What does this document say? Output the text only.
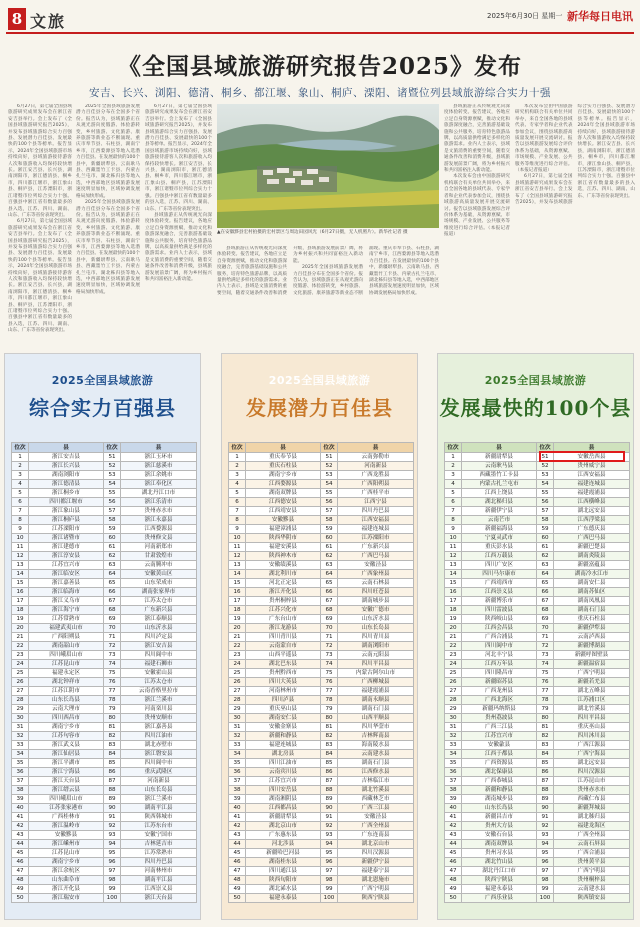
8 文旅	2025年6月30日 星期一 新华每日电讯
《全国县域旅游研究报告2025》发布
安吉、长兴、浏阳、德清、桐乡、都江堰、象山、桐庐、溧阳、诸暨位列县域旅游综合实力十强

6月27日，第七届全国县域旅游研究成果发布会在浙江省安吉县举行。会上发布了《全国县域旅游研究报告2025》，并发布县域旅游综合实力百强县、发展潜力百佳县、发展最快的100个县等榜单。报告显示，2024年全国县域旅游市场持续向好，县域旅游接待游客人次和旅游收入均保持较快增长。浙江安吉县、长兴县，湖南浏阳市，浙江德清县、桐乡市，四川都江堰市，浙江象山县、桐庐县，江苏溧阳市，浙江诸暨市位列综合实力十强。百强县中浙江省有数量最多的县入选，江苏、四川、湖南、山东、广东等省份表现突出。

6月27日，第七届全国县域旅游研究成果发布会在浙江省安吉县举行。会上发布了《全国县域旅游研究报告2025》，并发布县域旅游综合实力百强县、发展潜力百佳县、发展最快的100个县等榜单。报告显示，2024年全国县域旅游市场持续向好，县域旅游接待游客人次和旅游收入均保持较快增长。浙江安吉县、长兴县，湖南浏阳市，浙江德清县、桐乡市，四川都江堰市，浙江象山县、桐庐县，江苏溧阳市，浙江诸暨市位列综合实力十强。百强县中浙江省有数量最多的县入选，江苏、四川、湖南、山东、广东等省份表现突出。

2025年全国县域旅游发展潜力百佳县分布在全国多个省份。报告认为，县域旅游正在从观光游向度假游、体验游转变，乡村旅游、文化旅游、康养旅游等新业态不断涌现。重庆市奉节县、石柱县，湖南宁乡市，江西婺源县等地入选潜力百佳县。在发展最快的100个县中，新疆尉犁县、云南耿马县、西藏墨竹工卡县、内蒙古扎兰屯市、湖北秭归县等地入选，中西部地区县域旅游发展速度明显加快，区域协调发展格局加快形成。

2025年全国县域旅游发展潜力百佳县分布在全国多个省份。报告认为，县域旅游正在从观光游向度假游、体验游转变，乡村旅游、文化旅游、康养旅游等新业态不断涌现。重庆市奉节县、石柱县，湖南宁乡市，江西婺源县等地入选潜力百佳县。在发展最快的100个县中，新疆尉犁县、云南耿马县、西藏墨竹工卡县、内蒙古扎兰屯市、湖北秭归县等地入选，中西部地区县域旅游发展速度明显加快，区域协调发展格局加快形成。

6月27日，第七届全国县域旅游研究成果发布会在浙江省安吉县举行。会上发布了《全国县域旅游研究报告2025》，并发布县域旅游综合实力百强县、发展潜力百佳县、发展最快的100个县等榜单。报告显示，2024年全国县域旅游市场持续向好，县域旅游接待游客人次和旅游收入均保持较快增长。浙江安吉县、长兴县，湖南浏阳市，浙江德清县、桐乡市，四川都江堰市，浙江象山县、桐庐县，江苏溧阳市，浙江诸暨市位列综合实力十强。百强县中浙江省有数量最多的县入选，江苏、四川、湖南、山东、广东等省份表现突出。

县域旅游正从传统观光向深度体验转变。报告建议，各地应立足自身资源禀赋，推动文化和旅游深度融合，完善旅游基础设施和公共服务，培育特色旅游品牌，以高质量供给满足多样化的旅游需求。业内人士表示，县域是文旅消费的重要空间，随着交通条件改善和消费升级，县域旅游发展前景广阔，将为乡村振兴和共同富裕注入新动能。

县域旅游正从传统观光向深度体验转变。报告建议，各地应立足自身资源禀赋，推动文化和旅游深度融合，完善旅游基础设施和公共服务，培育特色旅游品牌，以高质量供给满足多样化的旅游需求。业内人士表示，县域是文旅消费的重要空间，随着交通条件改善和消费升级，县域旅游发展前景广阔，将为乡村振兴和共同富裕注入新动能。

2025年全国县域旅游发展潜力百佳县分布在全国多个省份。报告认为，县域旅游正在从观光游向度假游、体验游转变，乡村旅游、文化旅游、康养旅游等新业态不断涌现。重庆市奉节县、石柱县，湖南宁乡市，江西婺源县等地入选潜力百佳县。在发展最快的100个县中，新疆尉犁县、云南耿马县、西藏墨竹工卡县、内蒙古扎兰屯市、湖北秭归县等地入选，中西部地区县域旅游发展速度明显加快，区域协调发展格局加快形成。

县域旅游正从传统观光向深度体验转变。报告建议，各地应立足自身资源禀赋，推动文化和旅游深度融合，完善旅游基础设施和公共服务，培育特色旅游品牌，以高质量供给满足多样化的旅游需求。业内人士表示，县域是文旅消费的重要空间，随着交通条件改善和消费升级，县域旅游发展前景广阔，将为乡村振兴和共同富裕注入新动能。

本次发布会由中国旅游研究机构联合有关单位共同举办，来自全国各地的县域代表、专家学者和企业代表参加会议，围绕县域旅游高质量发展开展交流研讨。报告以县域旅游发展综合评价体系为基础，从资源禀赋、市场规模、产业发展、公共服务等维度进行综合评估。（本报记者报道）

本次发布会由中国旅游研究机构联合有关单位共同举办，来自全国各地的县域代表、专家学者和企业代表参加会议，围绕县域旅游高质量发展开展交流研讨。报告以县域旅游发展综合评价体系为基础，从资源禀赋、市场规模、产业发展、公共服务等维度进行综合评估。（本报记者报道）

6月27日，第七届全国县域旅游研究成果发布会在浙江省安吉县举行。会上发布了《全国县域旅游研究报告2025》，并发布县域旅游综合实力百强县、发展潜力百佳县、发展最快的100个县等榜单。报告显示，2024年全国县域旅游市场持续向好，县域旅游接待游客人次和旅游收入均保持较快增长。浙江安吉县、长兴县，湖南浏阳市，浙江德清县、桐乡市，四川都江堰市，浙江象山县、桐庐县，江苏溧阳市，浙江诸暨市位列综合实力十强。百强县中浙江省有数量最多的县入选，江苏、四川、湖南、山东、广东等省份表现突出。

▲在安徽黟县宏村拍摄的宏村景区与周边田园风光（6月27日摄，无人机照片）。新华社记者 摄
2025全国县域旅游
综合实力百强县
位次	县	位次	县
1	浙江安吉县	51	浙江玉环市
2	浙江长兴县	52	浙江慈溪市
3	湖南浏阳市	53	浙江余姚市
4	浙江德清县	54	浙江奉化区
5	浙江桐乡市	55	湖北丹江口市
6	四川都江堰市	56	浙江乐清市
7	浙江象山县	57	贵州赤水市
8	浙江桐庐县	58	浙江永嘉县
9	江苏溧阳市	59	江西婺源县
10	浙江诸暨市	60	贵州修文县
11	浙江建德市	61	河南新郑市
12	浙江淳安县	62	甘肃敦煌市
13	江苏宜兴市	63	云南腾冲市
14	浙江临安区	64	安徽黄山区
15	浙江嘉善县	65	山东荣成市
16	浙江临海市	66	湖南张家界市
17	浙江义乌市	67	江苏太仓市
18	浙江海宁市	68	广东新兴县
19	江苏常熟市	69	浙江泰顺县
20	福建武夷山市	70	山东沂水县
21	广西阳朔县	71	四川泸定县
22	湖南韶山市	72	浙江安吉县
23	四川峨眉山市	73	四川阆中市
24	江苏昆山市	74	福建石狮市
25	福建永定区	75	安徽霍山县
26	湖北钟祥市	76	江苏太仓市
27	江苏江阴市	77	云南香格里拉市
28	山东长岛县	78	浙江兰溪市
29	云南大理市	79	河南栾川县
30	四川西昌市	80	贵州安顺市
31	湖南宁乡市	81	浙江嘉善县
32	江苏句容市	82	四川江油市
33	浙江武义县	83	湖北赤壁市
34	浙江仙居县	84	浙江磐安县
35	浙江平湖市	85	四川阆中市
36	浙江宁海县	86	重庆武隆区
37	浙江天台县	87	河南新县
38	浙江缙云县	88	山东长岛县
39	四川峨眉山市	89	浙江兰溪市
40	江苏张家港市	90	湖南平江县
41	广西桂林市	91	陕西韩城市
42	浙江温岭市	92	江苏东台市
43	安徽黟县	93	安徽宁国市
44	浙江嵊州市	94	吉林延吉市
45	江苏昆山市	95	江苏常熟市
46	湖南宁乡市	96	四川丹巴县
47	浙江余杭区	97	河南林州市
48	山东曲阜市	98	湖南平江县
49	浙江开化县	99	江西崇义县
50	浙江瑞安市	100	浙江天台县
2025全国县域旅游
发展潜力百佳县
位次	县	位次	县
1	重庆奉节县	51	云南弥勒市
2	重庆石柱县	52	河南新县
3	湖南宁乡市	53	广西龙胜县
4	江西婺源县	54	广西阳朔县
5	湖南双牌县	55	广西桂平市
6	江西德安县	56	江西宁县
7	江西靖安县	57	四川丹巴县
8	安徽黟县	58	江西安福县
9	福建漳浦县	59	福建连城县
10	陕西华阴市	60	江苏溧阳市
11	福建安溪县	61	广东新兴县
12	陕西神木市	62	广西巴马县
13	安徽绩溪县	63	安徽泾县
14	湖北利川市	64	广西象州县
15	河北正定县	65	云南石林县
16	浙江开化县	66	四川旺苍县
17	贵州桐梓县	67	湖南城步县
18	江苏兴化市	68	安徽广德市
19	广东台山市	69	山东沂水县
20	浙江龙游县	70	山东长岛县
21	四川青川县	71	四川青川县
22	云南蒙自市	72	湖南浏阳市
23	山西平遥县	73	云南元阳县
24	湖北巴东县	74	四川平昌县
25	贵州黔西市	75	内蒙古阿尔山市
26	四川大英县	76	广西柳城县
27	河南林州市	77	福建霞浦县
28	四川泸县	78	湖南永顺县
29	重庆巫山县	79	湖南石门县
30	湖南安仁县	80	山西平顺县
31	安徽金寨县	81	四川华蓥市
32	新疆和静县	82	吉林辉南县
33	福建连城县	83	海南陵水县
34	湖北房县	84	云南建水县
35	四川江油市	85	湖南石门县
36	云南宾川县	86	江西修水县
37	江苏宜兴市	87	吉林临江市
38	四川安岳县	88	湖北竹溪县
39	湖南湘阴县	89	西藏林芝市
40	江西都昌县	90	广西三江县
41	新疆尉犁县	91	安徽泾县
42	湖北京山市	92	广西全州县
43	广东惠东县	93	广东连南县
44	河北涉县	94	湖北京山市
45	新疆哈巴河县	95	四川汉源县
46	湖南桂东县	96	新疆伊宁县
47	四川通江县	97	福建泰宁县
48	陕西旬阳市	98	湖北恩施市
49	湖北浠水县	99	广西宁明县
50	福建永泰县	100	陕西宁陕县
2025全国县域旅游
发展最快的100个县
位次	县	位次	县
1	新疆尉犁县	51	安徽岳西县
2	云南耿马县	52	贵州威宁县
3	西藏墨竹工卡县	53	江西安福县
4	内蒙古扎兰屯市	54	福建连城县
5	江西上饶县	55	福建霞浦县
6	湖北秭归县	56	江西横峰县
7	新疆伊宁县	57	湖北远安县
8	云南芒市	58	江西浮梁县
9	新疆福海县	59	广东德庆县
10	宁夏灵武市	60	广西巴马县
11	重庆彭水县	61	新疆巴楚县
12	江西万载县	62	湖南炎陵县
13	四川广安区	63	新疆富蕴县
14	四川马尔康市	64	湖南冷水江市
15	广西靖西市	65	湖南安仁县
16	江西崇义县	66	湖南苏仙区
17	新疆博乐市	67	湖南凤凰县
18	四川雷波县	68	湖南石门县
19	陕西岐山县	69	重庆石柱县
20	江西会昌县	70	新疆伊犁县
21	广西合浦县	71	云南泸西县
22	四川阆中市	72	新疆博湖县
23	河北丰宁县	73	新疆呼图壁县
24	江西万年县	74	新疆温宿县
25	四川隆昌市	75	广西宁明县
26	新疆昭苏县	76	新疆若羌县
27	广西龙州县	77	湖北五峰县
28	广西北海区	78	江苏浦口区
29	新疆玛纳斯县	79	湖北竹溪县
30	贵州荔波县	80	四川平昌县
31	广西三江县	81	重庆巫山县
32	江苏宜兴市	82	四川沐川县
33	安徽歙县	83	广西江源县
34	江西于都县	84	广西宁海县
35	广西资源县	85	湖北远安县
36	湖北保康县	86	四川汉源县
37	广西恭城县	87	江苏昆山市
38	新疆和静县	88	贵州赤水市
39	湖南城步县	89	西藏仁布县
40	山东长岛县	90	新疆拜城县
41	新疆昌吉市	91	湖北秭归县
42	贵州大方县	92	福建龙海区
43	安徽石台县	93	广西全州县
44	湖南双牌县	94	云南石屏县
45	贵州习水县	95	广西合浦县
46	湖北竹山县	96	贵州黄平县
47	湖北丹江口市	97	广西宁明县
48	陕西宁陕县	98	贵州桐梓县
49	福建永泰县	99	云南建水县
50	广西乐业县	100	陕西镇安县
